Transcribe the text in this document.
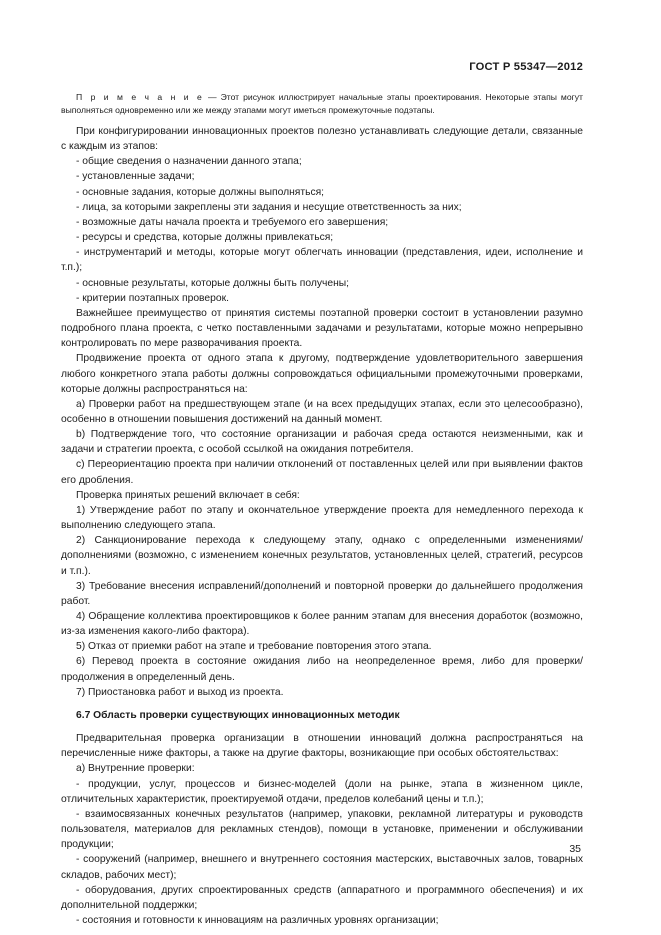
ГОСТ Р 55347—2012

П р и м е ч а н и е — Этот рисунок иллюстрирует начальные этапы проектирования. Некоторые этапы могут выполняться одновременно или же между этапами могут иметься промежуточные подэтапы.

При конфигурировании инновационных проектов полезно устанавливать следующие детали, связанные с каждым из этапов:

- общие сведения о назначении данного этапа;

- установленные задачи;

- основные задания, которые должны выполняться;

- лица, за которыми закреплены эти задания и несущие ответственность за них;

- возможные даты начала проекта и требуемого его завершения;

- ресурсы и средства, которые должны привлекаться;

- инструментарий и методы, которые могут облегчать инновации (представления, идеи, исполнение и т.п.);

- основные результаты, которые должны быть получены;

- критерии поэтапных проверок.

Важнейшее преимущество от принятия системы поэтапной проверки состоит в установлении разумно подробного плана проекта, с четко поставленными задачами и результатами, которые можно непрерывно контролировать по мере разворачивания проекта.

Продвижение проекта от одного этапа к другому, подтверждение удовлетворительного завершения любого конкретного этапа работы должны сопровождаться официальными промежуточными проверками, которые должны распространяться на:

a) Проверки работ на предшествующем этапе (и на всех предыдущих этапах, если это целесообразно), особенно в отношении повышения достижений на данный момент.

b) Подтверждение того, что состояние организации и рабочая среда остаются неизменными, как и задачи и стратегии проекта, с особой ссылкой на ожидания потребителя.

c) Переориентацию проекта при наличии отклонений от поставленных целей или при выявлении фактов его дробления.

Проверка принятых решений включает в себя:

1) Утверждение работ по этапу и окончательное утверждение проекта для немедленного перехода к выполнению следующего этапа.

2) Санкционирование перехода к следующему этапу, однако с определенными изменениями/дополнениями (возможно, с изменением конечных результатов, установленных целей, стратегий, ресурсов и т.п.).

3) Требование внесения исправлений/дополнений и повторной проверки до дальнейшего продолжения работ.

4) Обращение коллектива проектировщиков к более ранним этапам для внесения доработок (возможно, из-за изменения какого-либо фактора).

5) Отказ от приемки работ на этапе и требование повторения этого этапа.

6) Перевод проекта в состояние ожидания либо на неопределенное время, либо для проверки/продолжения в определенный день.

7) Приостановка работ и выход из проекта.

6.7 Область проверки существующих инновационных методик

Предварительная проверка организации в отношении инноваций должна распространяться на перечисленные ниже факторы, а также на другие факторы, возникающие при особых обстоятельствах:

а) Внутренние проверки:

- продукции, услуг, процессов и бизнес-моделей (доли на рынке, этапа в жизненном цикле, отличительных характеристик, проектируемой отдачи, пределов колебаний цены и т.п.);

- взаимосвязанных конечных результатов (например, упаковки, рекламной литературы и руководств пользователя, материалов для рекламных стендов), помощи в установке, применении и обслуживании продукции;

- сооружений (например, внешнего и внутреннего состояния мастерских, выставочных залов, товарных складов, рабочих мест);

- оборудования, других спроектированных средств (аппаратного и программного обеспечения) и их дополнительной поддержки;

- состояния и готовности к инновациям на различных уровнях организации;

35
